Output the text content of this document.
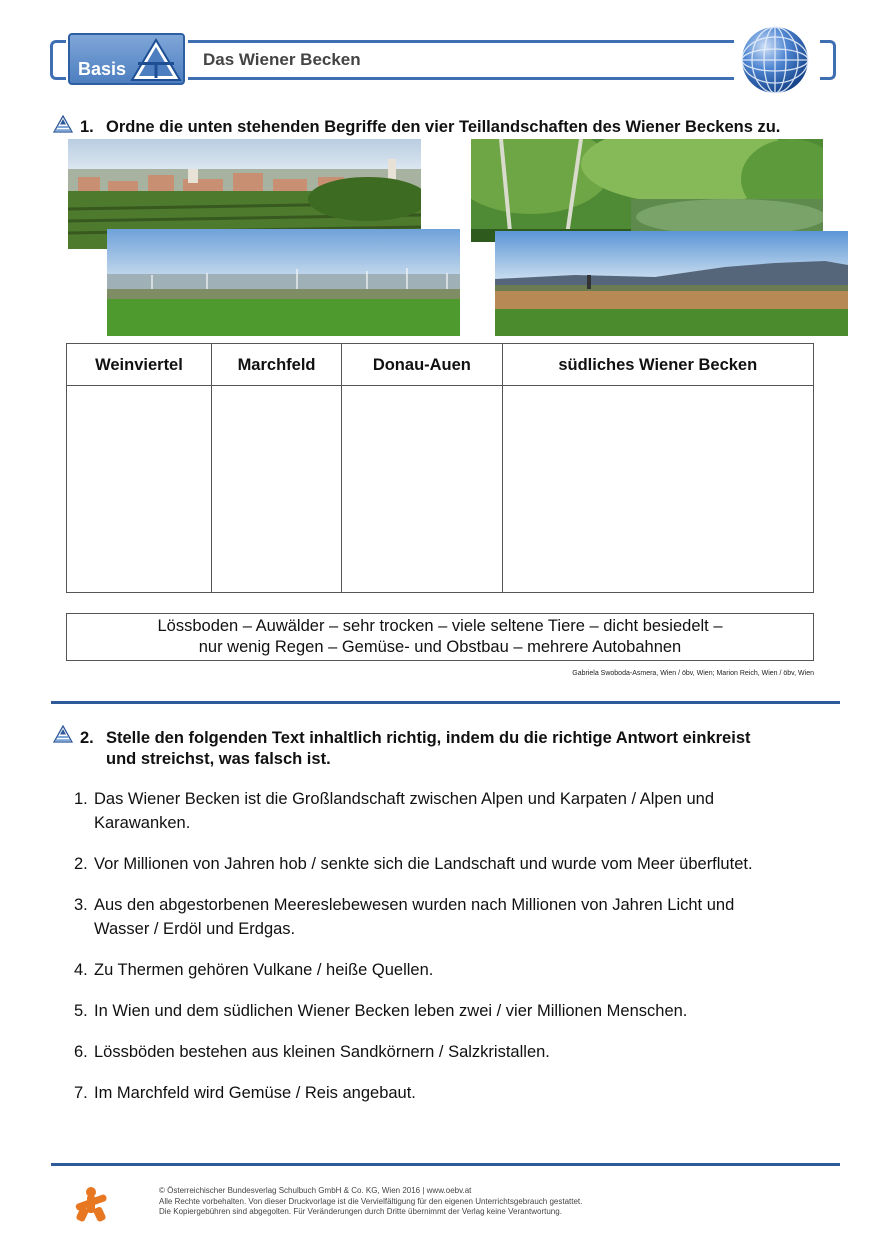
Basis	Das Wiener Becken
1. Ordne die unten stehenden Begriffe den vier Teillandschaften des Wiener Beckens zu.
Weinviertel	Marchfeld	Donau-Auen	südliches Wiener Becken

Lössboden – Auwälder – sehr trocken – viele seltene Tiere – dicht besiedelt –
nur wenig Regen – Gemüse- und Obstbau – mehrere Autobahnen
Gabriela Swoboda-Asmera, Wien / öbv, Wien; Marion Reich, Wien / öbv, Wien
2. Stelle den folgenden Text inhaltlich richtig, indem du die richtige Antwort einkreist
und streichst, was falsch ist.
1. Das Wiener Becken ist die Großlandschaft zwischen Alpen und Karpaten / Alpen und
Karawanken.
2. Vor Millionen von Jahren hob / senkte sich die Landschaft und wurde vom Meer überflutet.
3. Aus den abgestorbenen Meereslebewesen wurden nach Millionen von Jahren Licht und
Wasser / Erdöl und Erdgas.
4. Zu Thermen gehören Vulkane / heiße Quellen.
5. In Wien und dem südlichen Wiener Becken leben zwei / vier Millionen Menschen.
6. Lössböden bestehen aus kleinen Sandkörnern / Salzkristallen.
7. Im Marchfeld wird Gemüse / Reis angebaut.
© Österreichischer Bundesverlag Schulbuch GmbH & Co. KG, Wien 2016 | www.oebv.at
Alle Rechte vorbehalten. Von dieser Druckvorlage ist die Vervielfältigung für den eigenen Unterrichtsgebrauch gestattet.
Die Kopiergebühren sind abgegolten. Für Veränderungen durch Dritte übernimmt der Verlag keine Verantwortung.
